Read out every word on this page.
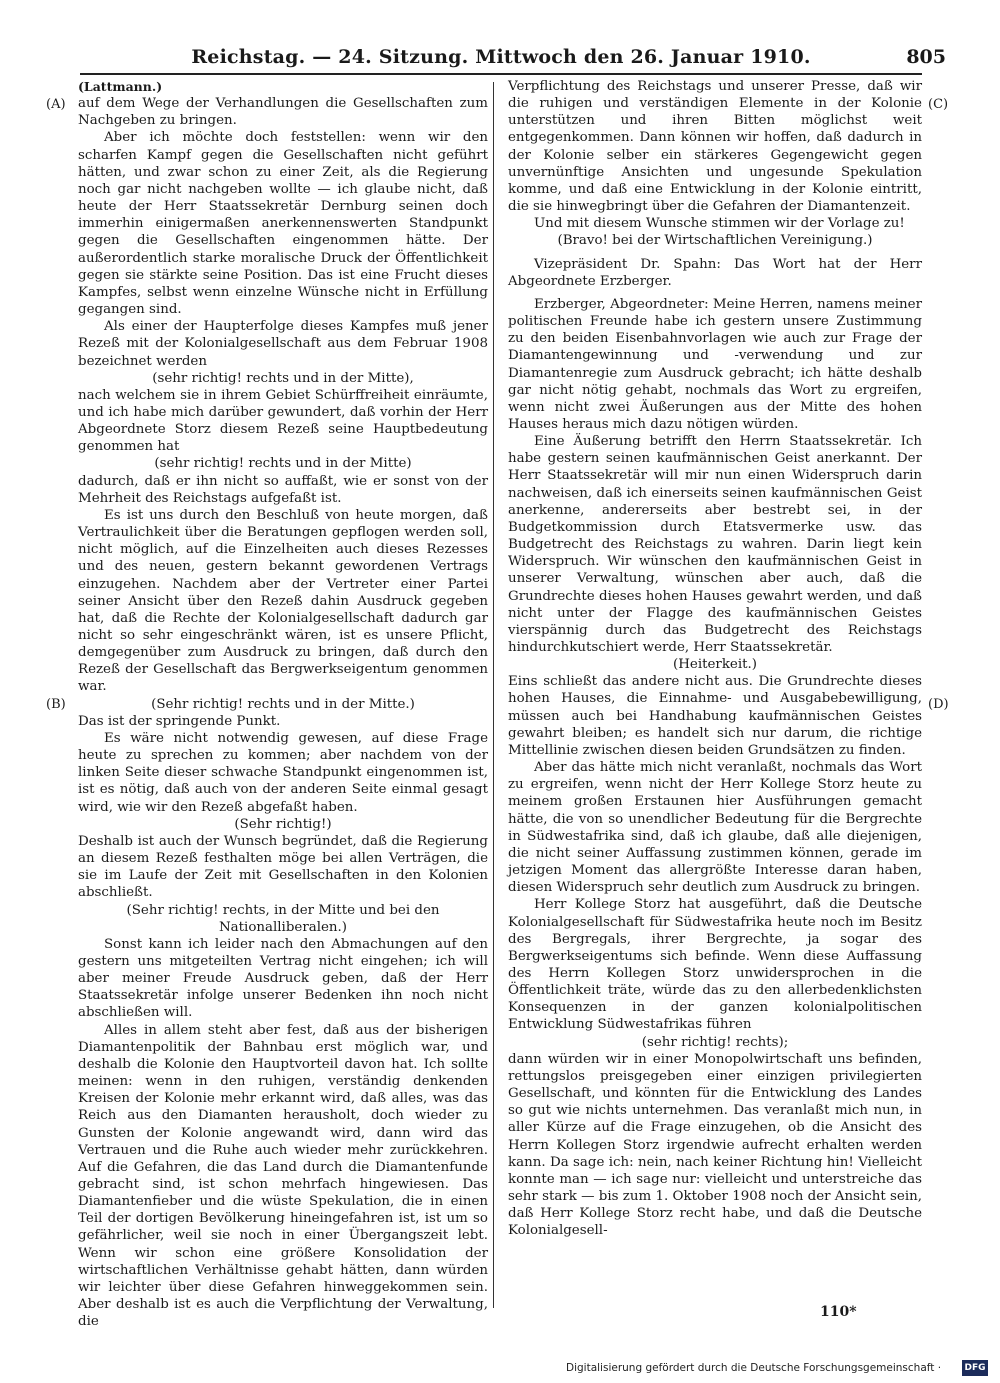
Reichstag. — 24. Sitzung. Mittwoch den 26. Januar 1910.	805
(A)
(B)
(C)
(D)

(Lattmann.)

auf dem Wege der Verhandlungen die Gesellschaften zum Nachgeben zu bringen.

Aber ich möchte doch feststellen: wenn wir den scharfen Kampf gegen die Gesellschaften nicht geführt hätten, und zwar schon zu einer Zeit, als die Regierung noch gar nicht nachgeben wollte — ich glaube nicht, daß heute der Herr Staatssekretär Dernburg seinen doch immerhin einigermaßen anerkennenswerten Standpunkt gegen die Gesellschaften eingenommen hätte. Der außerordentlich starke moralische Druck der Öffentlichkeit gegen sie stärkte seine Position. Das ist eine Frucht dieses Kampfes, selbst wenn einzelne Wünsche nicht in Erfüllung gegangen sind.

Als einer der Haupterfolge dieses Kampfes muß jener Rezeß mit der Kolonialgesellschaft aus dem Februar 1908 bezeichnet werden

(sehr richtig! rechts und in der Mitte),

nach welchem sie in ihrem Gebiet Schürffreiheit einräumte, und ich habe mich darüber gewundert, daß vorhin der Herr Abgeordnete Storz diesem Rezeß seine Hauptbedeutung genommen hat

(sehr richtig! rechts und in der Mitte)

dadurch, daß er ihn nicht so auffaßt, wie er sonst von der Mehrheit des Reichstags aufgefaßt ist.

Es ist uns durch den Beschluß von heute morgen, daß Vertraulichkeit über die Beratungen gepflogen werden soll, nicht möglich, auf die Einzelheiten auch dieses Rezesses und des neuen, gestern bekannt gewordenen Vertrags einzugehen. Nachdem aber der Vertreter einer Partei seiner Ansicht über den Rezeß dahin Ausdruck gegeben hat, daß die Rechte der Kolonialgesellschaft dadurch gar nicht so sehr eingeschränkt wären, ist es unsere Pflicht, demgegenüber zum Ausdruck zu bringen, daß durch den Rezeß der Gesellschaft das Bergwerkseigentum genommen war.

(Sehr richtig! rechts und in der Mitte.)

Das ist der springende Punkt.

Es wäre nicht notwendig gewesen, auf diese Frage heute zu sprechen zu kommen; aber nachdem von der linken Seite dieser schwache Standpunkt eingenommen ist, ist es nötig, daß auch von der anderen Seite einmal gesagt wird, wie wir den Rezeß abgefaßt haben.

(Sehr richtig!)

Deshalb ist auch der Wunsch begründet, daß die Regierung an diesem Rezeß festhalten möge bei allen Verträgen, die sie im Laufe der Zeit mit Gesellschaften in den Kolonien abschließt.

(Sehr richtig! rechts, in der Mitte und bei den Nationalliberalen.)

Sonst kann ich leider nach den Abmachungen auf den gestern uns mitgeteilten Vertrag nicht eingehen; ich will aber meiner Freude Ausdruck geben, daß der Herr Staatssekretär infolge unserer Bedenken ihn noch nicht abschließen will.

Alles in allem steht aber fest, daß aus der bisherigen Diamantenpolitik der Bahnbau erst möglich war, und deshalb die Kolonie den Hauptvorteil davon hat. Ich sollte meinen: wenn in den ruhigen, verständig denkenden Kreisen der Kolonie mehr erkannt wird, daß alles, was das Reich aus den Diamanten herausholt, doch wieder zu Gunsten der Kolonie angewandt wird, dann wird das Vertrauen und die Ruhe auch wieder mehr zurückkehren. Auf die Gefahren, die das Land durch die Diamantenfunde gebracht sind, ist schon mehrfach hingewiesen. Das Diamantenfieber und die wüste Spekulation, die in einen Teil der dortigen Bevölkerung hineingefahren ist, ist um so gefährlicher, weil sie noch in einer Übergangszeit lebt. Wenn wir schon eine größere Konsolidation der wirtschaftlichen Verhältnisse gehabt hätten, dann würden wir leichter über diese Gefahren hinweggekommen sein. Aber deshalb ist es auch die Verpflichtung der Verwaltung, die

Verpflichtung des Reichstags und unserer Presse, daß wir die ruhigen und verständigen Elemente in der Kolonie unterstützen und ihren Bitten möglichst weit entgegenkommen. Dann können wir hoffen, daß dadurch in der Kolonie selber ein stärkeres Gegengewicht gegen unvernünftige Ansichten und ungesunde Spekulation komme, und daß eine Entwicklung in der Kolonie eintritt, die sie hinwegbringt über die Gefahren der Diamantenzeit.

Und mit diesem Wunsche stimmen wir der Vorlage zu!

(Bravo! bei der Wirtschaftlichen Vereinigung.)

Vizepräsident Dr. Spahn: Das Wort hat der Herr Abgeordnete Erzberger.

Erzberger, Abgeordneter: Meine Herren, namens meiner politischen Freunde habe ich gestern unsere Zustimmung zu den beiden Eisenbahnvorlagen wie auch zur Frage der Diamantengewinnung und -verwendung und zur Diamantenregie zum Ausdruck gebracht; ich hätte deshalb gar nicht nötig gehabt, nochmals das Wort zu ergreifen, wenn nicht zwei Äußerungen aus der Mitte des hohen Hauses heraus mich dazu nötigen würden.

Eine Äußerung betrifft den Herrn Staatssekretär. Ich habe gestern seinen kaufmännischen Geist anerkannt. Der Herr Staatssekretär will mir nun einen Widerspruch darin nachweisen, daß ich einerseits seinen kaufmännischen Geist anerkenne, andererseits aber bestrebt sei, in der Budgetkommission durch Etatsvermerke usw. das Budgetrecht des Reichstags zu wahren. Darin liegt kein Widerspruch. Wir wünschen den kaufmännischen Geist in unserer Verwaltung, wünschen aber auch, daß die Grundrechte dieses hohen Hauses gewahrt werden, und daß nicht unter der Flagge des kaufmännischen Geistes vierspännig durch das Budgetrecht des Reichstags hindurchkutschiert werde, Herr Staatssekretär.

(Heiterkeit.)

Eins schließt das andere nicht aus. Die Grundrechte dieses hohen Hauses, die Einnahme- und Ausgabebewilligung, müssen auch bei Handhabung kaufmännischen Geistes gewahrt bleiben; es handelt sich nur darum, die richtige Mittellinie zwischen diesen beiden Grundsätzen zu finden.

Aber das hätte mich nicht veranlaßt, nochmals das Wort zu ergreifen, wenn nicht der Herr Kollege Storz heute zu meinem großen Erstaunen hier Ausführungen gemacht hätte, die von so unendlicher Bedeutung für die Bergrechte in Südwestafrika sind, daß ich glaube, daß alle diejenigen, die nicht seiner Auffassung zustimmen können, gerade im jetzigen Moment das allergrößte Interesse daran haben, diesen Widerspruch sehr deutlich zum Ausdruck zu bringen.

Herr Kollege Storz hat ausgeführt, daß die Deutsche Kolonialgesellschaft für Südwestafrika heute noch im Besitz des Bergregals, ihrer Bergrechte, ja sogar des Bergwerkseigentums sich befinde. Wenn diese Auffassung des Herrn Kollegen Storz unwidersprochen in die Öffentlichkeit träte, würde das zu den allerbedenklichsten Konsequenzen in der ganzen kolonialpolitischen Entwicklung Südwestafrikas führen

(sehr richtig! rechts);

dann würden wir in einer Monopolwirtschaft uns befinden, rettungslos preisgegeben einer einzigen privilegierten Gesellschaft, und könnten für die Entwicklung des Landes so gut wie nichts unternehmen. Das veranlaßt mich nun, in aller Kürze auf die Frage einzugehen, ob die Ansicht des Herrn Kollegen Storz irgendwie aufrecht erhalten werden kann. Da sage ich: nein, nach keiner Richtung hin! Vielleicht konnte man — ich sage nur: vielleicht und unterstreiche das sehr stark — bis zum 1. Oktober 1908 noch der Ansicht sein, daß Herr Kollege Storz recht habe, und daß die Deutsche Kolonialgesell-

110*
Digitalisierung gefördert durch die Deutsche Forschungsgemeinschaft ·	DFG
